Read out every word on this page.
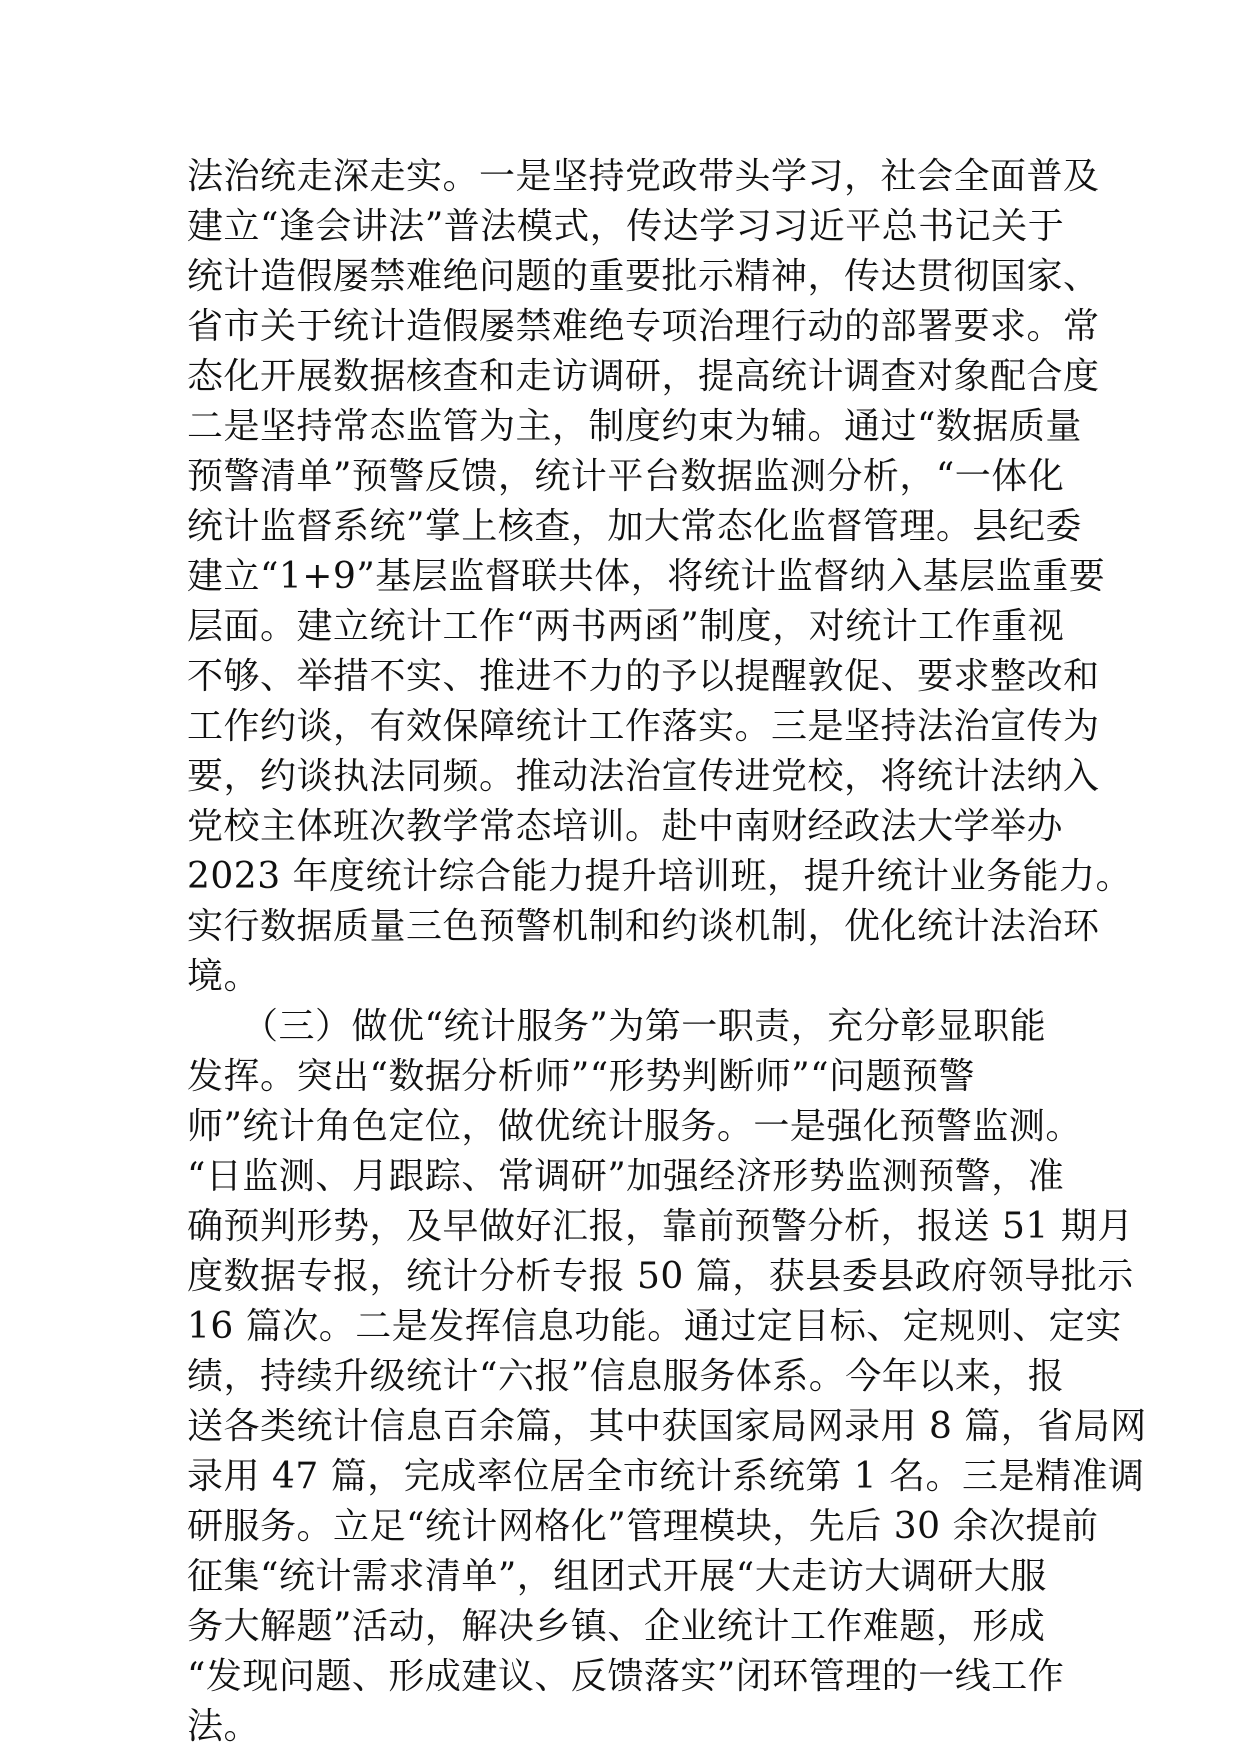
法治统走深走实。一是坚持党政带头学习，社会全面普及
建立“逢会讲法”普法模式，传达学习习近平总书记关于
统计造假屡禁难绝问题的重要批示精神，传达贯彻国家、
省市关于统计造假屡禁难绝专项治理行动的部署要求。常
态化开展数据核查和走访调研，提高统计调查对象配合度
二是坚持常态监管为主，制度约束为辅。通过“数据质量
预警清单”预警反馈，统计平台数据监测分析，“一体化
统计监督系统”掌上核查，加大常态化监督管理。县纪委
建立“1+9”基层监督联共体，将统计监督纳入基层监重要
层面。建立统计工作“两书两函”制度，对统计工作重视
不够、举措不实、推进不力的予以提醒敦促、要求整改和
工作约谈，有效保障统计工作落实。三是坚持法治宣传为
要，约谈执法同频。推动法治宣传进党校，将统计法纳入
党校主体班次教学常态培训。赴中南财经政法大学举办
2023 年度统计综合能力提升培训班，提升统计业务能力。
实行数据质量三色预警机制和约谈机制，优化统计法治环
境。
　　（三）做优“统计服务”为第一职责，充分彰显职能
发挥。突出“数据分析师”“形势判断师”“问题预警
师”统计角色定位，做优统计服务。一是强化预警监测。
“日监测、月跟踪、常调研”加强经济形势监测预警，准
确预判形势，及早做好汇报，靠前预警分析，报送 51 期月
度数据专报，统计分析专报 50 篇，获县委县政府领导批示
16 篇次。二是发挥信息功能。通过定目标、定规则、定实
绩，持续升级统计“六报”信息服务体系。今年以来，报
送各类统计信息百余篇，其中获国家局网录用 8 篇，省局网
录用 47 篇，完成率位居全市统计系统第 1 名。三是精准调
研服务。立足“统计网格化”管理模块，先后 30 余次提前
征集“统计需求清单”，组团式开展“大走访大调研大服
务大解题”活动，解决乡镇、企业统计工作难题，形成
“发现问题、形成建议、反馈落实”闭环管理的一线工作
法。
